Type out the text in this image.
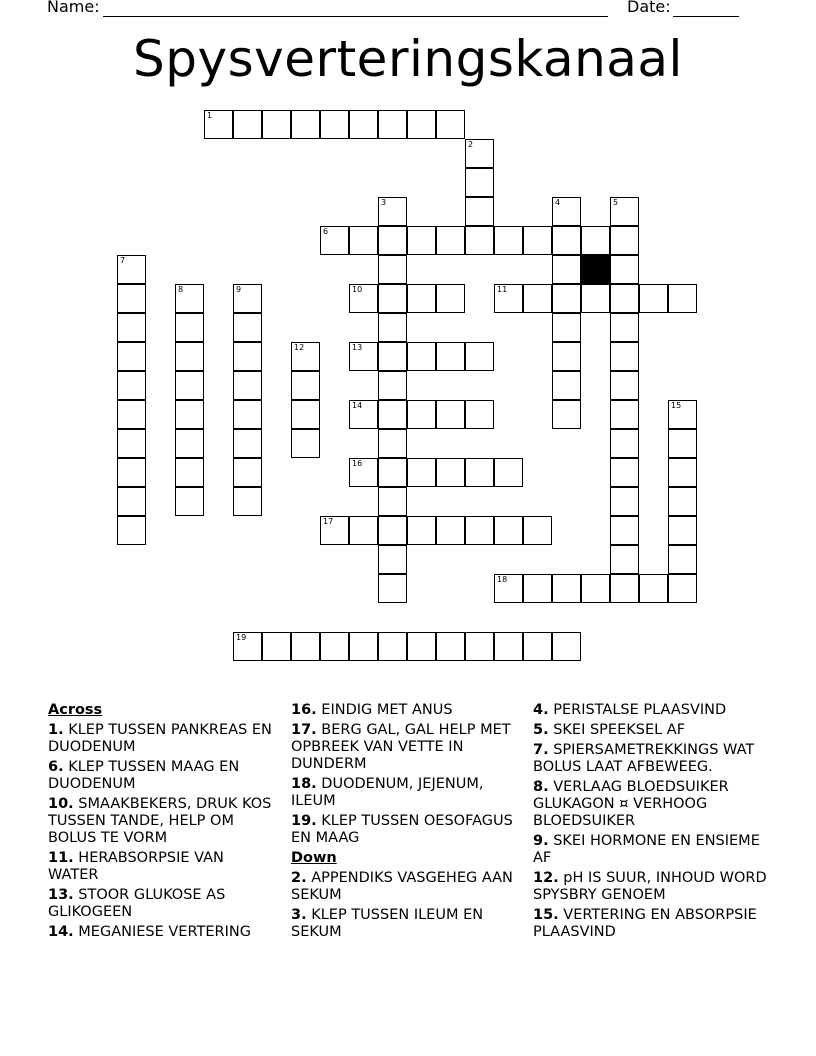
Name:	Date:
Spysverteringskanaal
1
2
3	4	5
6
7
8	9	10	11
12	13
14	15
16
17
18
19
Across
1. KLEP TUSSEN PANKREAS EN DUODENUM
6. KLEP TUSSEN MAAG EN DUODENUM
10. SMAAKBEKERS, DRUK KOS TUSSEN TANDE, HELP OM BOLUS TE VORM
11. HERABSORPSIE VAN WATER
13. STOOR GLUKOSE AS GLIKOGEEN
14. MEGANIESE VERTERING
16. EINDIG MET ANUS
17. BERG GAL, GAL HELP MET OPBREEK VAN VETTE IN DUNDERM
18. DUODENUM, JEJENUM, ILEUM
19. KLEP TUSSEN OESOFAGUS EN MAAG
Down
2. APPENDIKS VASGEHEG AAN SEKUM
3. KLEP TUSSEN ILEUM EN SEKUM
4. PERISTALSE PLAASVIND
5. SKEI SPEEKSEL AF
7. SPIERSAMETREKKINGS WAT BOLUS LAAT AFBEWEEG.
8. VERLAAG BLOEDSUIKER GLUKAGON ¤ VERHOOG BLOEDSUIKER
9. SKEI HORMONE EN ENSIEME AF
12. pH IS SUUR, INHOUD WORD SPYSBRY GENOEM
15. VERTERING EN ABSORPSIE PLAASVIND
